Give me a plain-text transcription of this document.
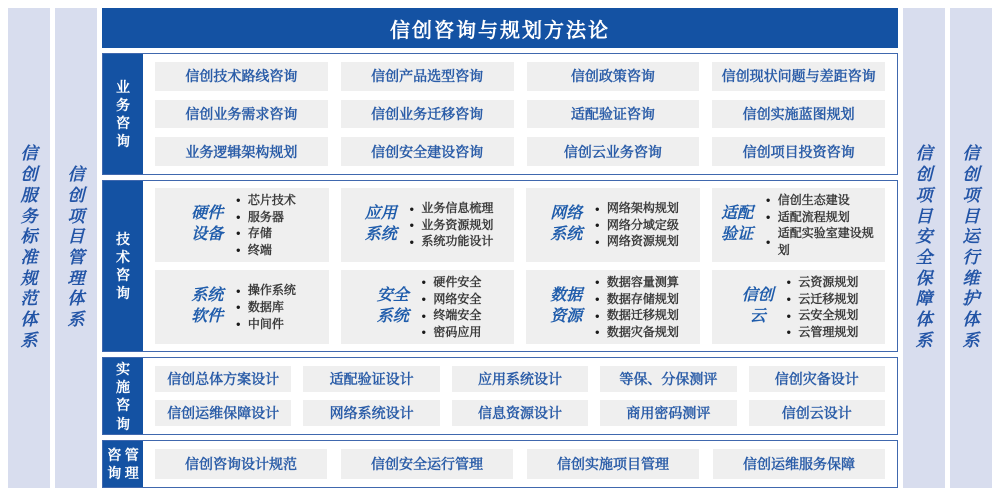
信创服务标准规范体系
信创项目管理体系
信创咨询与规划方法论
业务咨询
信创技术路线咨询	信创产品选型咨询	信创政策咨询	信创现状问题与差距咨询
信创业务需求咨询	信创业务迁移咨询	适配验证咨询	信创实施蓝图规划
业务逻辑架构规划	信创安全建设咨询	信创云业务咨询	信创项目投资咨询
技术咨询
硬件设备
● 芯片技术
● 服务器
● 存储
● 终端
应用系统
● 业务信息梳理
● 业务资源规划
● 系统功能设计
网络系统
● 网络架构规划
● 网络分域定级
● 网络资源规划
适配验证
● 信创生态建设
● 适配流程规划
● 适配实验室建设规划
系统软件
● 操作系统
● 数据库
● 中间件
安全系统
● 硬件安全
● 网络安全
● 终端安全
● 密码应用
数据资源
● 数据容量测算
● 数据存储规划
● 数据迁移规划
● 数据灾备规划
信创云
● 云资源规划
● 云迁移规划
● 云安全规划
● 云管理规划
实施咨询
信创总体方案设计	适配验证设计	应用系统设计	等保、分保测评	信创灾备设计
信创运维保障设计	网络系统设计	信息资源设计	商用密码测评	信创云设计
咨询
管理
信创咨询设计规范	信创安全运行管理	信创实施项目管理	信创运维服务保障
信创项目安全保障体系
信创项目运行维护体系
